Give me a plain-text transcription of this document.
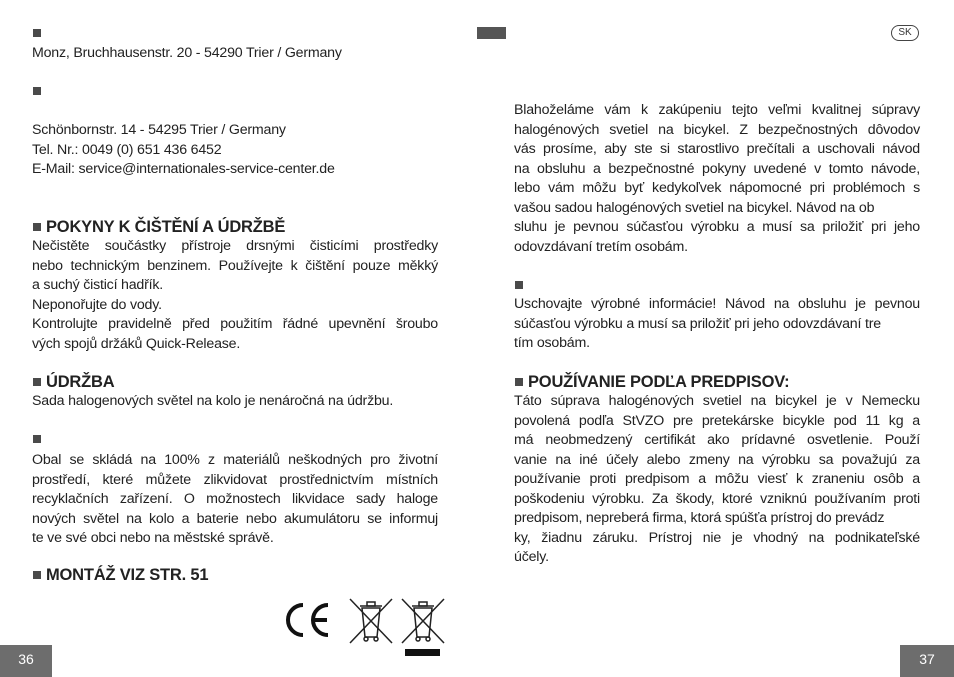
Monz, Bruchhausenstr. 20 - 54290 Trier / Germany
Schönbornstr. 14 - 54295 Trier / Germany
Tel. Nr.: 0049 (0) 651 436 6452
E-Mail: service@internationales-service-center.de
POKYNY K ČIŠTĚNÍ A ÚDRŽBĚ
Nečistěte součástky přístroje drsnými čisticími prostředky
nebo technickým benzinem. Používejte k čištění pouze měkký
a suchý čisticí hadřík.
Neponořujte do vody.
Kontrolujte pravidelně před použitím řádné upevnění šroubo
vých spojů držáků Quick-Release.
ÚDRŽBA
Sada halogenových světel na kolo je nenáročná na údržbu.
Obal se skládá na 100% z materiálů neškodných pro životní
prostředí, které můžete zlikvidovat prostřednictvím místních
recyklačních zařízení. O možnostech likvidace sady haloge
nových světel na kolo a baterie nebo akumulátoru se informuj
te ve své obci nebo na městské správě.
MONTÁŽ VIZ STR. 51
36
SK
Blahoželáme vám k zakúpeniu tejto veľmi kvalitnej súpravy
halogénových svetiel na bicykel. Z bezpečnostných dôvodov
vás prosíme, aby ste si starostlivo prečítali a uschovali návod
na obsluhu a bezpečnostné pokyny uvedené v tomto návode,
lebo vám môžu byť kedykoľvek nápomocné pri problémoch s
vašou sadou halogénových svetiel na bicykel. Návod na ob
sluhu je pevnou súčasťou výrobku a musí sa priložiť pri jeho
odovzdávaní tretím osobám.
Uschovajte výrobné informácie! Návod na obsluhu je pevnou
súčasťou výrobku a musí sa priložiť pri jeho odovzdávaní tre
tím osobám.
POUŽÍVANIE PODĽA PREDPISOV:
Táto súprava halogénových svetiel na bicykel je v Nemecku
povolená podľa StVZO pre pretekárske bicykle pod 11 kg a
má neobmedzený certifikát ako prídavné osvetlenie. Použí
vanie na iné účely alebo zmeny na výrobku sa považujú za
používanie proti predpisom a môžu viesť k zraneniu osôb a
poškodeniu výrobku. Za škody, ktoré vzniknú používaním proti
predpisom, nepreberá firma, ktorá spúšťa prístroj do prevádz
ky, žiadnu záruku. Prístroj nie je vhodný na podnikateľské
účely.
37
